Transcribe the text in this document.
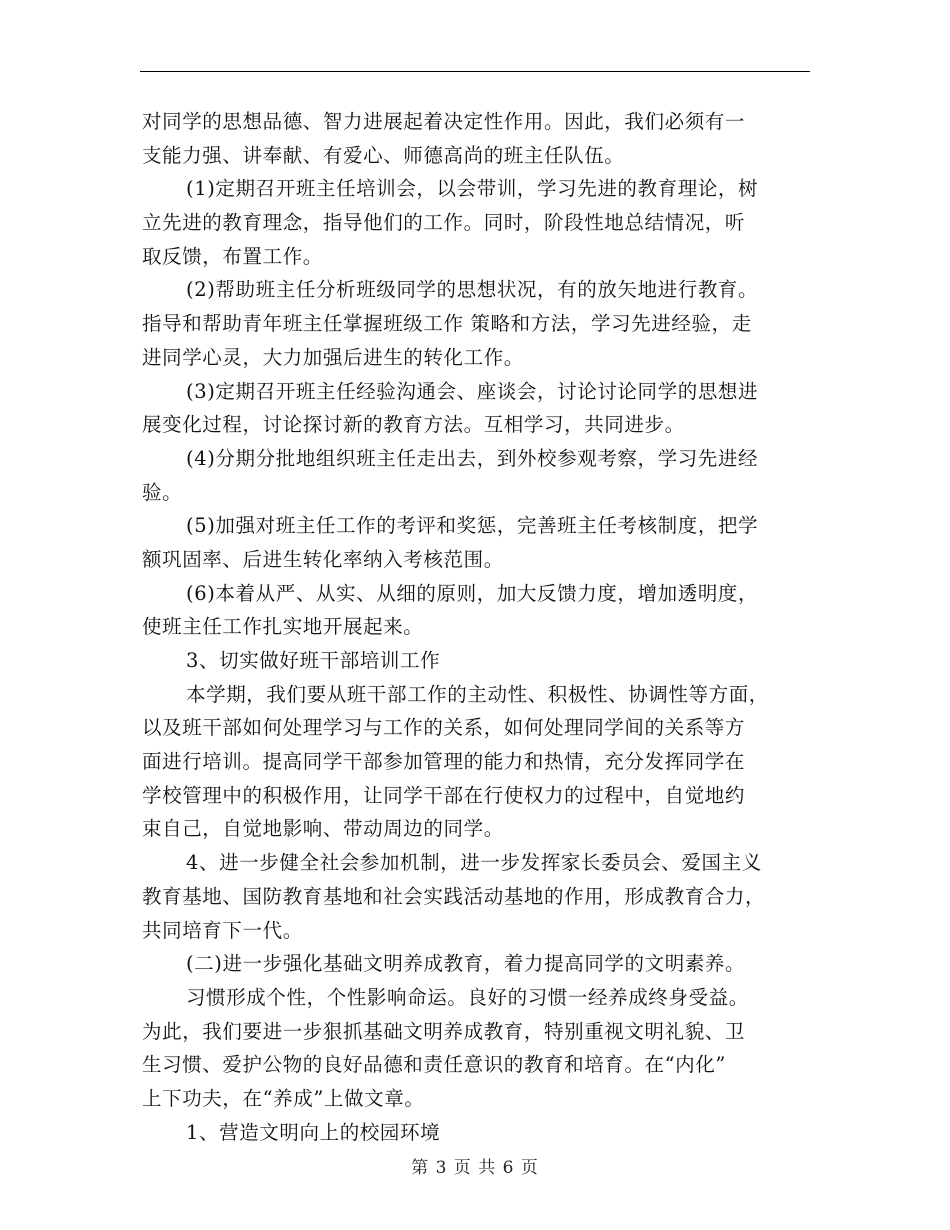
对同学的思想品德、智力进展起着决定性作用。因此，我们必须有一
支能力强、讲奉献、有爱心、师德高尚的班主任队伍。
(1)定期召开班主任培训会，以会带训，学习先进的教育理论，树
立先进的教育理念，指导他们的工作。同时，阶段性地总结情况，听
取反馈，布置工作。
(2)帮助班主任分析班级同学的思想状况，有的放矢地进行教育。
指导和帮助青年班主任掌握班级工作 策略和方法，学习先进经验，走
进同学心灵，大力加强后进生的转化工作。
(3)定期召开班主任经验沟通会、座谈会，讨论讨论同学的思想进
展变化过程，讨论探讨新的教育方法。互相学习，共同进步。
(4)分期分批地组织班主任走出去，到外校参观考察，学习先进经
验。
(5)加强对班主任工作的考评和奖惩，完善班主任考核制度，把学
额巩固率、后进生转化率纳入考核范围。
(6)本着从严、从实、从细的原则，加大反馈力度，增加透明度，
使班主任工作扎实地开展起来。
3、切实做好班干部培训工作
本学期，我们要从班干部工作的主动性、积极性、协调性等方面，
以及班干部如何处理学习与工作的关系，如何处理同学间的关系等方
面进行培训。提高同学干部参加管理的能力和热情，充分发挥同学在
学校管理中的积极作用，让同学干部在行使权力的过程中，自觉地约
束自己，自觉地影响、带动周边的同学。
4、进一步健全社会参加机制，进一步发挥家长委员会、爱国主义
教育基地、国防教育基地和社会实践活动基地的作用，形成教育合力，
共同培育下一代。
(二)进一步强化基础文明养成教育，着力提高同学的文明素养。
习惯形成个性，个性影响命运。良好的习惯一经养成终身受益。
为此，我们要进一步狠抓基础文明养成教育，特别重视文明礼貌、卫
生习惯、爱护公物的良好品德和责任意识的教育和培育。在“内化”
上下功夫，在“养成”上做文章。
1、营造文明向上的校园环境
第 3 页 共 6 页
